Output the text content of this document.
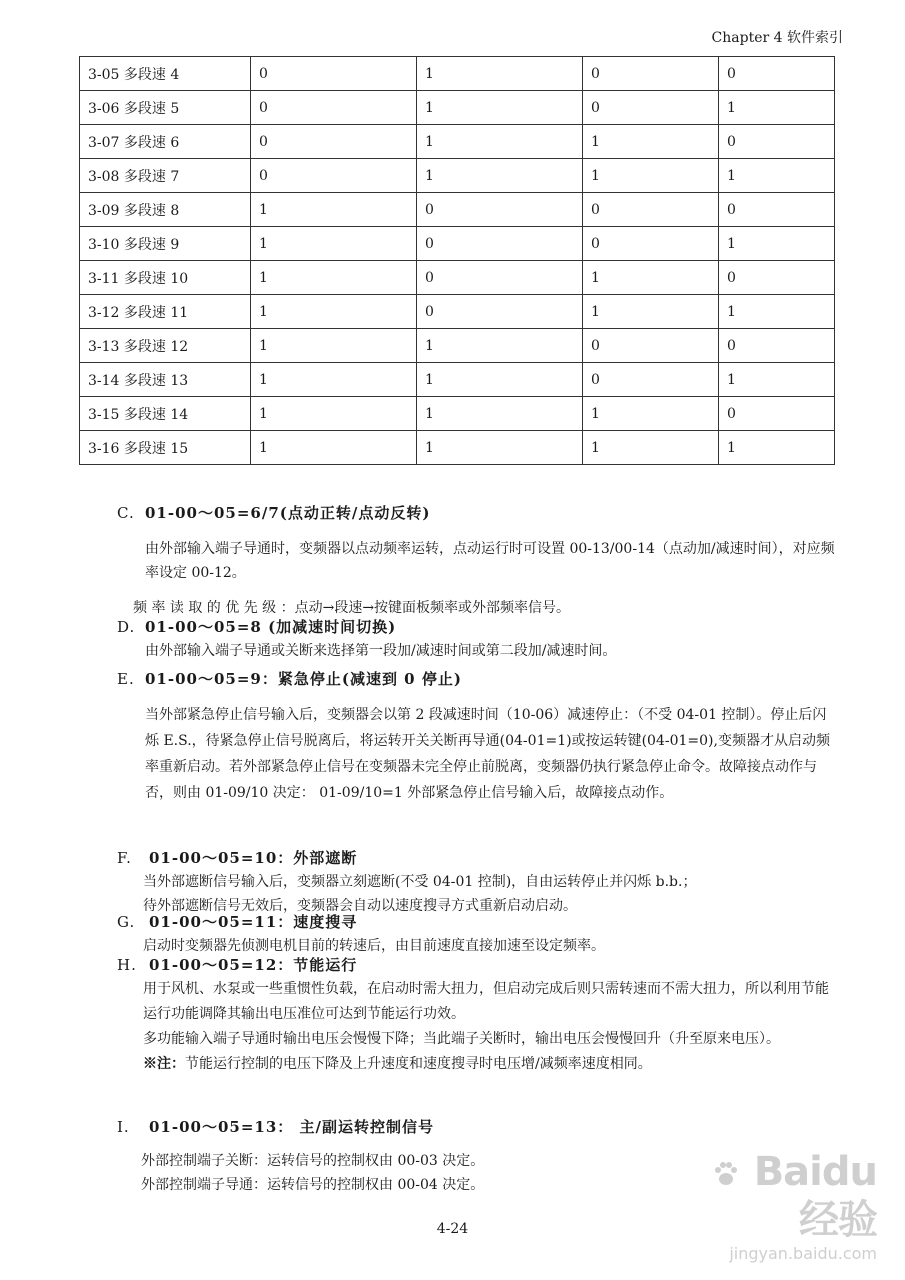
Chapter 4 软件索引
3-05 多段速 4	0	1	0	0
3-06 多段速 5	0	1	0	1
3-07 多段速 6	0	1	1	0
3-08 多段速 7	0	1	1	1
3-09 多段速 8	1	0	0	0
3-10 多段速 9	1	0	0	1
3-11 多段速 10	1	0	1	0
3-12 多段速 11	1	0	1	1
3-13 多段速 12	1	1	0	0
3-14 多段速 13	1	1	0	1
3-15 多段速 14	1	1	1	0
3-16 多段速 15	1	1	1	1
C. 01-00～05=6/7(点动正转/点动反转)

由外部输入端子导通时，变频器以点动频率运转，点动运行时可设置 00-13/00-14（点动加/减速时间），对应频率设定 00-12。

频 率 读 取 的 优 先 级 ：点动→段速→按键面板频率或外部频率信号。

D. 01-00～05=8 (加减速时间切换)

由外部输入端子导通或关断来选择第一段加/减速时间或第二段加/减速时间。

E. 01-00～05=9：紧急停止(减速到 0 停止)

当外部紧急停止信号输入后，变频器会以第 2 段减速时间（10-06）减速停止：（不受 04-01 控制）。停止后闪烁 E.S.，待紧急停止信号脱离后，将运转开关关断再导通(04-01=1)或按运转键(04-01=0),变频器才从启动频率重新启动。若外部紧急停止信号在变频器未完全停止前脱离，变频器仍执行紧急停止命令。故障接点动作与否，则由 01-09/10 决定： 01-09/10=1 外部紧急停止信号输入后，故障接点动作。

F. 01-00～05=10：外部遮断

当外部遮断信号输入后，变频器立刻遮断(不受 04-01 控制)，自由运转停止并闪烁 b.b.；

待外部遮断信号无效后，变频器会自动以速度搜寻方式重新启动启动。

G. 01-00～05=11：速度搜寻

启动时变频器先侦测电机目前的转速后，由目前速度直接加速至设定频率。

H. 01-00～05=12：节能运行

用于风机、水泵或一些重惯性负载，在启动时需大扭力，但启动完成后则只需转速而不需大扭力，所以利用节能运行功能调降其输出电压准位可达到节能运行功效。

多功能输入端子导通时输出电压会慢慢下降；当此端子关断时，输出电压会慢慢回升（升至原来电压）。

※注：节能运行控制的电压下降及上升速度和速度搜寻时电压增/减频率速度相同。

I. 01-00～05=13： 主/副运转控制信号

外部控制端子关断：运转信号的控制权由 00-03 决定。

外部控制端子导通：运转信号的控制权由 00-04 决定。

4-24
Baidu经验
jingyan.baidu.com
